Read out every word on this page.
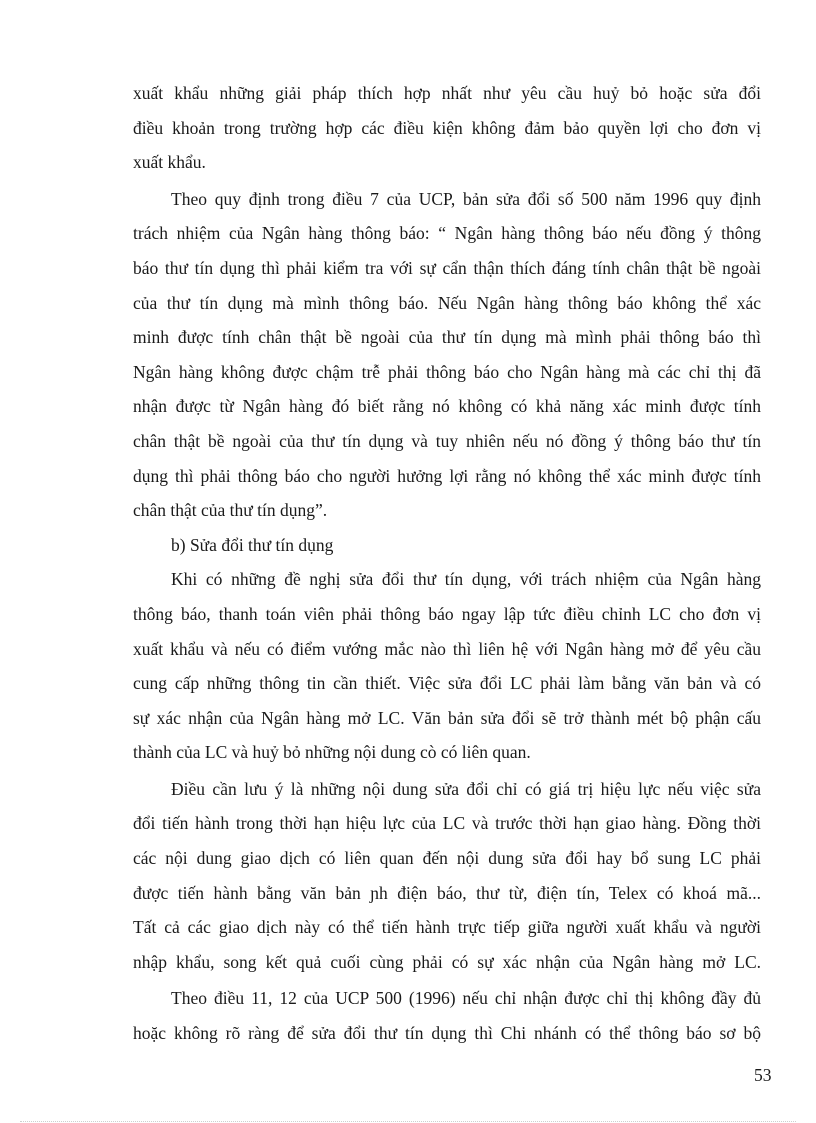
xuất khẩu những giải pháp thích hợp nhất như yêu cầu huỷ bỏ hoặc sửa đổi
điều khoản trong trường hợp các điều kiện không đảm bảo quyền lợi cho đơn vị
xuất khẩu.
Theo quy định trong điều 7 của UCP, bản sửa đổi số 500 năm 1996 quy định
trách nhiệm của Ngân hàng thông báo: “ Ngân hàng thông báo nếu đồng ý thông
báo thư tín dụng thì phải kiểm tra với sự cẩn thận thích đáng tính chân thật bề ngoài
của thư tín dụng mà mình thông báo. Nếu Ngân hàng thông báo không thể xác
minh được tính chân thật bề ngoài của thư tín dụng mà mình phải thông báo thì
Ngân hàng không được chậm trễ phải thông báo cho Ngân hàng mà các chỉ thị đã
nhận được từ Ngân hàng đó biết rằng nó không có khả năng xác minh được tính
chân thật bề ngoài của thư tín dụng và tuy nhiên nếu nó đồng ý thông báo thư tín
dụng thì phải thông báo cho người hưởng lợi rằng nó không thể xác minh được tính
chân thật của thư tín dụng”.
b) Sửa đổi thư tín dụng
Khi có những đề nghị sửa đổi thư tín dụng, với trách nhiệm của Ngân hàng
thông báo, thanh toán viên phải thông báo ngay lập tức điều chỉnh LC cho đơn vị
xuất khẩu và nếu có điểm vướng mắc nào thì liên hệ với Ngân hàng mở để yêu cầu
cung cấp những thông tin cần thiết. Việc sửa đổi LC phải làm bằng văn bản và có
sự xác nhận của Ngân hàng mở LC. Văn bản sửa đổi sẽ trở thành mét bộ phận cấu
thành của LC và huỷ bỏ những nội dung cò có liên quan.
Điều cần lưu ý là những nội dung sửa đổi chỉ có giá trị hiệu lực nếu việc sửa
đổi tiến hành trong thời hạn hiệu lực của LC và trước thời hạn giao hàng. Đồng thời
các nội dung giao dịch có liên quan đến nội dung sửa đổi hay bổ sung LC phải
được tiến hành bằng văn bản ɲh điện báo, thư từ, điện tín, Telex có khoá mã...
Tất cả các giao dịch này có thể tiến hành trực tiếp giữa người xuất khẩu và người
nhập khẩu, song kết quả cuối cùng phải có sự xác nhận của Ngân hàng mở LC.
Theo điều 11, 12 của UCP 500 (1996) nếu chỉ nhận được chỉ thị không đầy đủ
hoặc không rõ ràng để sửa đổi thư tín dụng thì Chi nhánh có thể thông báo sơ bộ
53
